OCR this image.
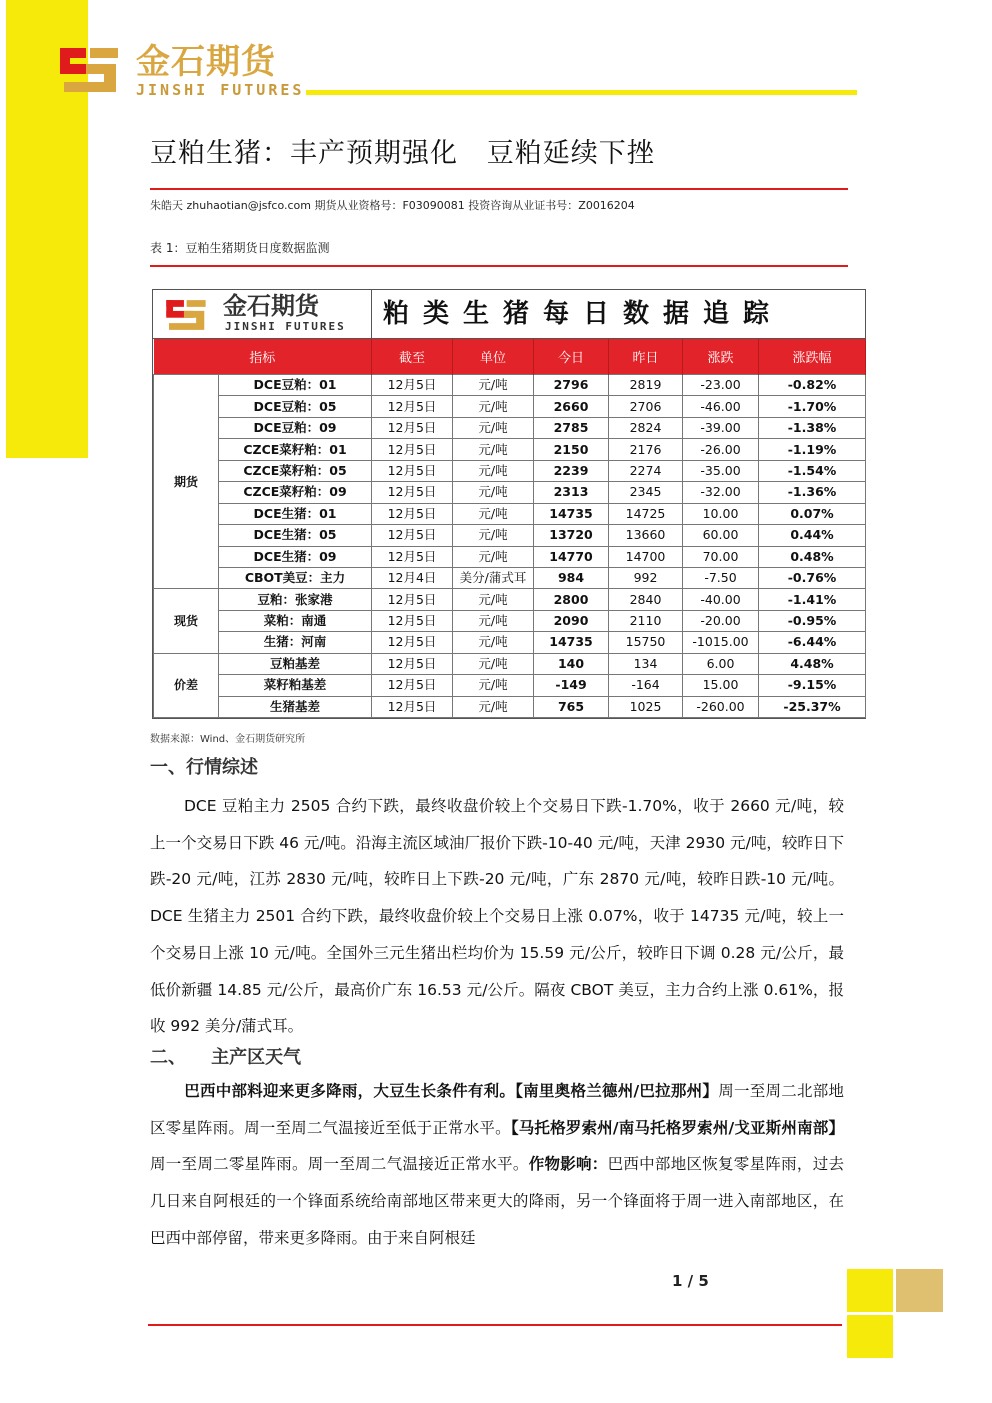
金石期货
JINSHI FUTURES
豆粕生猪：丰产预期强化   豆粕延续下挫
朱皓天 zhuhaotian@jsfco.com 期货从业资格号：F03090081 投资咨询从业证书号：Z0016204
表 1：豆粕生猪期货日度数据监测
金石期货
JINSHI FUTURES 粕类生猪每日数据追踪
指标		截至	单位	今日	昨日	涨跌	涨跌幅
期货	DCE豆粕：01	12月5日	元/吨	2796	2819	-23.00	-0.82%
	DCE豆粕：05	12月5日	元/吨	2660	2706	-46.00	-1.70%
	DCE豆粕：09	12月5日	元/吨	2785	2824	-39.00	-1.38%
	CZCE菜籽粕：01	12月5日	元/吨	2150	2176	-26.00	-1.19%
	CZCE菜籽粕：05	12月5日	元/吨	2239	2274	-35.00	-1.54%
	CZCE菜籽粕：09	12月5日	元/吨	2313	2345	-32.00	-1.36%
	DCE生猪：01	12月5日	元/吨	14735	14725	10.00	0.07%
	DCE生猪：05	12月5日	元/吨	13720	13660	60.00	0.44%
	DCE生猪：09	12月5日	元/吨	14770	14700	70.00	0.48%
	CBOT美豆：主力	12月4日	美分/蒲式耳	984	992	-7.50	-0.76%
现货	豆粕：张家港	12月5日	元/吨	2800	2840	-40.00	-1.41%
	菜粕：南通	12月5日	元/吨	2090	2110	-20.00	-0.95%
	生猪：河南	12月5日	元/吨	14735	15750	-1015.00	-6.44%
价差	豆粕基差	12月5日	元/吨	140	134	6.00	4.48%
	菜籽粕基差	12月5日	元/吨	-149	-164	15.00	-9.15%
	生猪基差	12月5日	元/吨	765	1025	-260.00	-25.37%
数据来源：Wind、金石期货研究所
一、行情综述
DCE 豆粕主力 2505 合约下跌，最终收盘价较上个交易日下跌-1.70%，收于 2660 元/吨，较上一个交易日下跌 46 元/吨。沿海主流区域油厂报价下跌-10-40 元/吨，天津 2930 元/吨，较昨日下跌-20 元/吨，江苏 2830 元/吨，较昨日上下跌-20 元/吨，广东 2870 元/吨，较昨日跌-10 元/吨。DCE 生猪主力 2501 合约下跌，最终收盘价较上个交易日上涨 0.07%，收于 14735 元/吨，较上一个交易日上涨 10 元/吨。全国外三元生猪出栏均价为 15.59 元/公斤，较昨日下调 0.28 元/公斤，最低价新疆 14.85 元/公斤，最高价广东 16.53 元/公斤。隔夜 CBOT 美豆，主力合约上涨 0.61%，报收 992 美分/蒲式耳。
二、    主产区天气
巴西中部料迎来更多降雨，大豆生长条件有利。【南里奥格兰德州/巴拉那州】周一至周二北部地区零星阵雨。周一至周二气温接近至低于正常水平。【马托格罗索州/南马托格罗索州/戈亚斯州南部】周一至周二零星阵雨。周一至周二气温接近正常水平。作物影响：巴西中部地区恢复零星阵雨，过去几日来自阿根廷的一个锋面系统给南部地区带来更大的降雨，另一个锋面将于周一进入南部地区，在巴西中部停留，带来更多降雨。由于来自阿根廷
1 / 5
